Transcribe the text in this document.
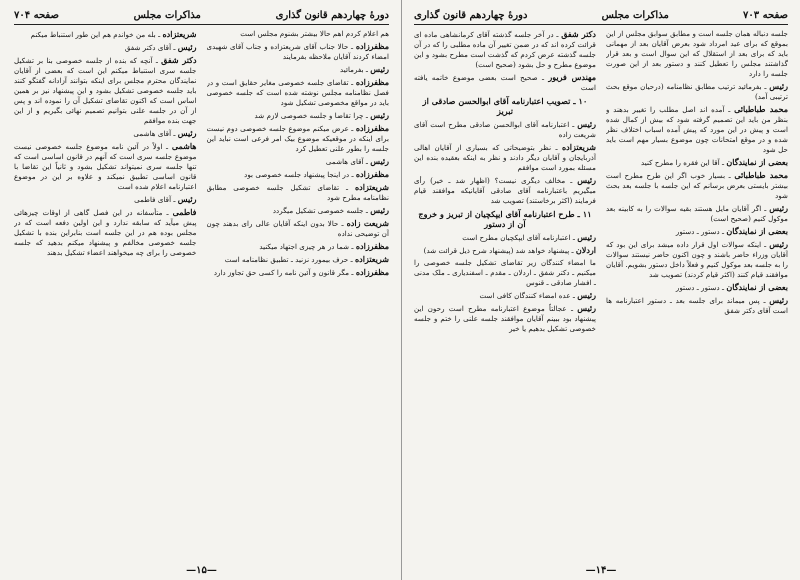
صفحه ۷۰۳
مذاکرات مجلس
دورهٔ چهاردهم قانون گذاری

جلسه دنباله همان جلسه است و مطابق سوابق مجلس از این بموقع که برای عید امرداد شود بعرض آقایان بعد از مهمانی باید که برای بعد از استقلال که این سوال است و بعد قرار گذاشتند مجلس را تعطیل کنند و دستور بعد از این صورت جلسه را دارد

رئیس ـ بفرمائید ترتیب مطابق نظامنامه (درحیان موقع بحث ترتیبی آمد)

محمد طباطبائی ـ آمده اند اصل مطلب را تغییر بدهند و بنظر من باید این تصمیم گرفته شود که بیش از کمال شده است و پیش در این مورد که پیش آمده اسباب اختلاف نظر شده و در موقع امتحانات چون موضوع بسیار مهم است باید حل شود

بعضی از نمایندگان ـ آقا این فقره را مطرح کنید

محمد طباطبائی ـ بسیار خوب اگر این طرح مطرح است بیشتر بایستی بعرض برسانم که این جلسه با جلسه بعد بحث شود

رئیس ـ اگر آقایان مایل هستند بقیه سوالات را به کابینه بعد موکول کنیم (صحیح است)

بعضی از نمایندگان ـ دستور ـ دستور

رئیس ـ اینکه سوالات اول قرار داده میشد برای این بود که آقایان وزراء حاضر باشند و چون اکنون حاضر نیستند سوالات را به جلسه بعد موکول کنیم و فعلاً داخل دستور بشویم. آقایان موافقند قیام کنند (اکثر قیام کردند) تصویب شد

بعضی از نمایندگان ـ دستور ـ دستور

رئیس ـ پس میماند برای جلسه بعد ـ دستور اعتبارنامه ها است آقای دکتر شفق

دکتر شفق ـ در آخر جلسه گذشته آقای کرمانشاهی ماده ای قرائت کرده اند که در ضمن تغییر آن ماده مطلبی را که در آن جلسه گذشته عرض کردم که گذشت است مطرح بشود و این موضوع مطرح و حل بشود (صحیح است)

مهندس فریور ـ صحیح است بعضی موضوع خاتمه یافته است

۱۰ ـ تصویب اعتبارنامه آقای ابوالحسن صادقی از تبریز

رئیس ـ اعتبارنامه آقای ابوالحسن صادقی مطرح است آقای شریعت زاده

شریعتزاده ـ نظر بتوضیحاتی که بسیاری از آقایان اهالی آذربایجان و آقایان دیگر دادند و نظر به اینکه بعقیده بنده این مسئله بمورد است موافقم

رئیس ـ مخالف دیگری نیست؟ (اظهار شد ـ خیر) رأی میگیریم باعتبارنامه آقای صادقی آقایانیکه موافقند قیام فرمایند (اکثر برخاستند) تصویب شد

۱۱ ـ طرح اعتبارنامه آقای ایپکچیان از تبریز و خروج آن از دستور

رئیس ـ اعتبارنامه آقای ایپکچیان مطرح است

اردلان ـ پیشنهاد خواهد شد (پیشنهاد شرح ذیل قرائت شد)

ما امضاء کنندگان زیر تقاضای تشکیل جلسه خصوصی را میکنیم ـ دکتر شفق ـ اردلان ـ مقدم ـ اسفندیاری ـ ملک مدنی ـ افشار صادقی ـ قنوس

رئیس ـ عده امضاء کنندگان کافی است

رئیس ـ عجالتاً موضوع اعتبارنامه مطرح است رحون این پیشنهاد بود ببینم آقایان موافقند جلسه علنی را ختم و جلسه خصوصی تشکیل بدهیم یا خیر

—۱۴—
دورهٔ چهاردهم قانون گذاری
مذاکرات مجلس
صفحه ۷۰۴

هم اعلام کردم اهم حالا بیشتر بشنوم مجلس است

مظفرزاده ـ حالا جناب آقای شریعتزاده و جناب آقای شهیدی امضاء کردند آقایان ملاحظه بفرمایند

رئیس ـ بفرمائید

مظفرزاده ـ تقاضای جلسه خصوصی مغایر حقایق است و در فصل نظامنامه مجلس نوشته شده است که جلسه خصوصی باید در مواقع مخصوصی تشکیل شود

رئیس ـ چرا تقاضا و جلسه خصوصی لازم شد

مظفرزاده ـ عرض میکنم موضوع جلسه خصوصی دوم نیست برای اینکه در موقعیکه موضوع بیک امر فرعی است نباید این جلسه را بطور علنی تعطیل کرد

رئیس ـ آقای هاشمی

مظفرزاده ـ در اینجا پیشنهاد جلسه خصوصی بود

شریعتزاده ـ تقاضای تشکیل جلسه خصوصی مطابق نظامنامه مطرح شود

رئیس ـ جلسه خصوصی تشکیل میگردد

شریعت زاده ـ حالا بدون اینکه آقایان عالی رای بدهند چون آن توضیحی نداده

مظفرزاده ـ شما در هر چیزی اجتهاد میکنید

شریعتزاده ـ حرف بیمورد نزنید ـ تطبیق نظامنامه است

مظفرزاده ـ مگر قانون و آئین نامه را کسی حق تجاوز دارد

شریعتزاده ـ بله من خواندم هم این طور استنباط میکنم

رئیس ـ آقای دکتر شفق

دکتر شفق ـ آنچه که بنده از جلسه خصوصی بنا بر تشکیل جلسه سری استنباط میکنم این است که بعضی از آقایان نمایندگان محترم مجلس برای اینکه بتوانند آزادانه گفتگو کنند باید جلسه خصوصی تشکیل بشود و این پیشنهاد نیز بر همین اساس است که اکنون تقاضای تشکیل آن را نموده اند و پس از آن در جلسه علنی بتوانیم تصمیم نهائی بگیریم و از این جهت بنده موافقم

رئیس ـ آقای هاشمی

هاشمی ـ اولاً در آئین نامه موضوع جلسه خصوصی نیست موضوع جلسه سری است که آنهم در قانون اساسی است که تنها جلسه سری نمیتواند تشکیل بشود و ثانیاً این تقاضا با قانون اساسی تطبیق نمیکند و علاوه بر این در موضوع اعتبارنامه اعلام شده است

رئیس ـ آقای فاطمی

فاطمی ـ متأسفانه در این فصل گاهی از اوقات چیزهائی پیش میآید که سابقه ندارد و این اولین دفعه است که در مجلس بوده هم در این جلسه است بنابراین بنده با تشکیل جلسه خصوصی مخالفم و پیشنهاد میکنم بدهید که جلسه خصوصی را برای چه میخواهند اعضاء تشکیل بدهند

—۱۵—
